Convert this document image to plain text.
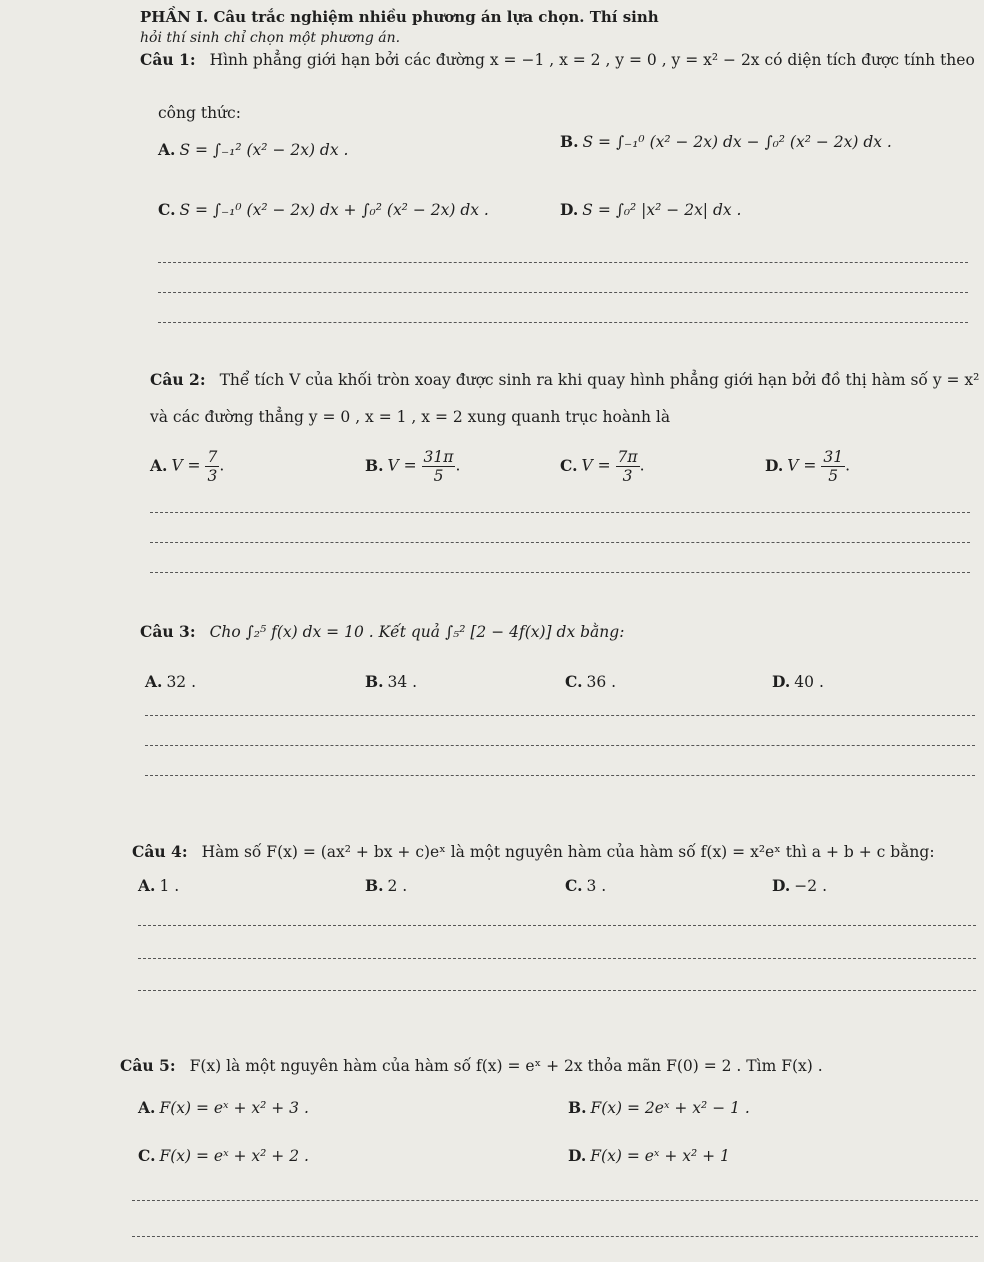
PHẦN I. Câu trắc nghiệm nhiều phương án lựa chọn. Thí sinh
hỏi thí sinh chỉ chọn một phương án.
Câu 1: Hình phẳng giới hạn bởi các đường x = −1 , x = 2 , y = 0 , y = x² − 2x có diện tích được tính theo
công thức:
A. S = ∫₋₁² (x² − 2x) dx .	B. S = ∫₋₁⁰ (x² − 2x) dx − ∫₀² (x² − 2x) dx .
C. S = ∫₋₁⁰ (x² − 2x) dx + ∫₀² (x² − 2x) dx .	D. S = ∫₀² |x² − 2x| dx .
Câu 2: Thể tích V của khối tròn xoay được sinh ra khi quay hình phẳng giới hạn bởi đồ thị hàm số y = x²
và các đường thẳng y = 0 , x = 1 , x = 2 xung quanh trục hoành là
A. $V = \frac{7}{3}$ .	B. $V = \frac{31\pi}{5}$ .	C. $V = \frac{7\pi}{3}$ .	D. $V = \frac{31}{5}$ .
Câu 3: Cho ∫₂⁵ f(x) dx = 10 . Kết quả ∫₅² [2 − 4f(x)] dx bằng:
A. 32 .	B. 34 .	C. 36 .	D. 40 .
Câu 4: Hàm số F(x) = (ax² + bx + c)eˣ là một nguyên hàm của hàm số f(x) = x²eˣ thì a + b + c bằng:
A. 1 .	B. 2 .	C. 3 .	D. −2 .
Câu 5: F(x) là một nguyên hàm của hàm số f(x) = eˣ + 2x thỏa mãn F(0) = 2 . Tìm F(x) .
A. F(x) = eˣ + x² + 3 .	B. F(x) = 2eˣ + x² − 1 .
C. F(x) = eˣ + x² + 2 .	D. F(x) = eˣ + x² + 1
